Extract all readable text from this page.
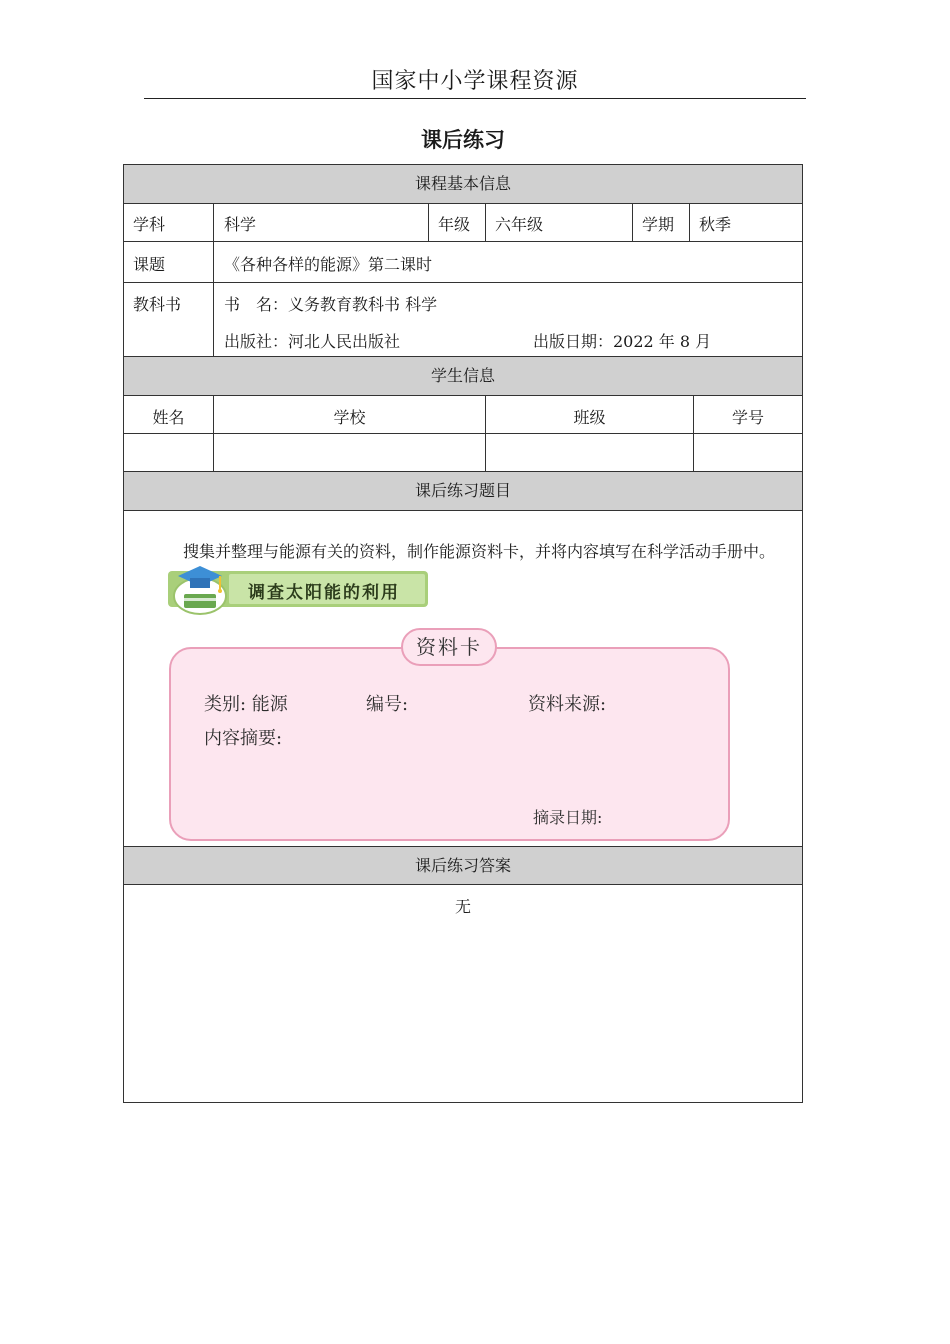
国家中小学课程资源
课后练习
课程基本信息
学科	科学	年级 六年级	学期 秋季
课题	《各种各样的能源》第二课时
教科书	书　名：义务教育教科书 科学
出版社：河北人民出版社	出版日期：2022 年 8 月
学生信息
姓名	学校	班级	学号
课后练习题目
搜集并整理与能源有关的资料，制作能源资料卡，并将内容填写在科学活动手册中。
调查太阳能的利用
资料卡
类别: 能源	编号:	资料来源:
内容摘要:
摘录日期:
课后练习答案
无
